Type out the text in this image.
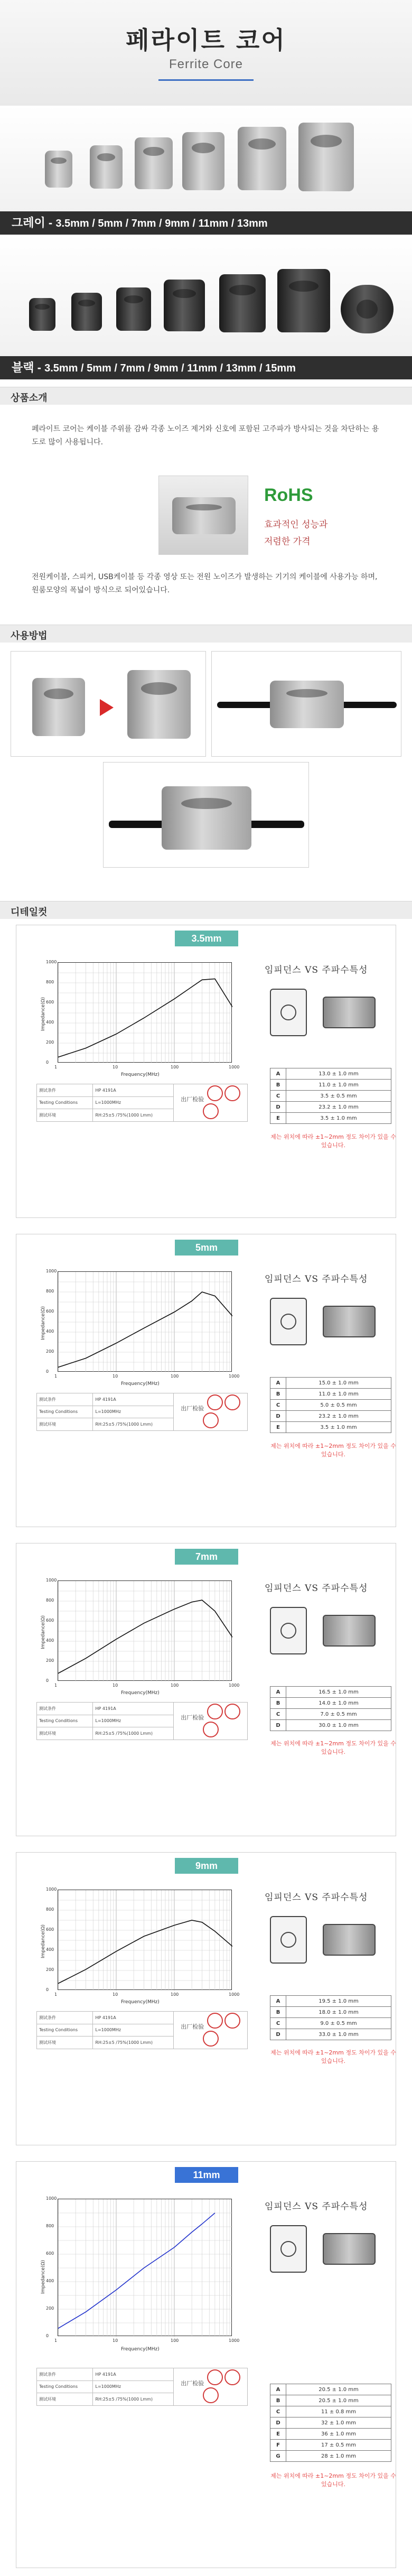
페라이트 코어
Ferrite Core
그레이 - 3.5mm / 5mm / 7mm / 9mm / 11mm / 13mm
블랙 - 3.5mm / 5mm / 7mm / 9mm / 11mm / 13mm / 15mm
상품소개
페라이트 코어는 케이블 주위를 감싸 각종 노이즈 제거와 신호에 포함된 고주파가 방사되는 것을 차단하는 용도로 많이 사용됩니다.
RoHS
효과적인 성능과
저렴한 가격
전원케이블, 스피커, USB케이블 등 각종 영상 또는 전원 노이즈가 발생하는 기기의 케이블에 사용가능 하며, 원룸모양의 폭넓이 방식으로 되어있습니다.
사용방법
디테일컷
3.5mm
Impedance(Ω)
Frequency(MHz)
测试条件	HP 4191A	出厂检验
Testing Conditions	L=1000MHz	
测试环境	RH:25±5 /75%(1000 Lmm)	
1000
800
600
400
200
0
1	10	100	1000
임피던스 VS 주파수특성
A	13.0 ± 1.0 mm
B	11.0 ± 1.0 mm
C	3.5 ± 0.5 mm
D	23.2 ± 1.0 mm
E	3.5 ± 1.0 mm
제는 위치에 따라 ±1~2mm 정도 차이가 있을 수 있습니다.
5mm
Impedance(Ω)
Frequency(MHz)
测试条件	HP 4191A	出厂检验
Testing Conditions	L=1000MHz	
测试环境	RH:25±5 /75%(1000 Lmm)	
1000
800
600
400
200
0
1	10	100	1000
임피던스 VS 주파수특성
A	15.0 ± 1.0 mm
B	11.0 ± 1.0 mm
C	5.0 ± 0.5 mm
D	23.2 ± 1.0 mm
E	3.5 ± 1.0 mm
제는 위치에 따라 ±1~2mm 정도 차이가 있을 수 있습니다.
7mm
Impedance(Ω)
Frequency(MHz)
测试条件	HP 4191A	出厂检验
Testing Conditions	L=1000MHz	
测试环境	RH:25±5 /75%(1000 Lmm)	
1000
800
600
400
200
0
1	10	100	1000
임피던스 VS 주파수특성
A	16.5 ± 1.0 mm
B	14.0 ± 1.0 mm
C	7.0 ± 0.5 mm
D	30.0 ± 1.0 mm
제는 위치에 따라 ±1~2mm 정도 차이가 있을 수 있습니다.
9mm
Impedance(Ω)
Frequency(MHz)
测试条件	HP 4191A	出厂检验
Testing Conditions	L=1000MHz	
测试环境	RH:25±5 /75%(1000 Lmm)	
1000
800
600
400
200
0
1	10	100	1000
임피던스 VS 주파수특성
A	19.5 ± 1.0 mm
B	18.0 ± 1.0 mm
C	9.0 ± 0.5 mm
D	33.0 ± 1.0 mm
제는 위치에 따라 ±1~2mm 정도 차이가 있을 수 있습니다.
11mm
Impedance(Ω)
Frequency(MHz)
测试条件	HP 4191A	出厂检验
Testing Conditions	L=1000MHz	
测试环境	RH:25±5 /75%(1000 Lmm)	
1000
800
600
400
200
0
1	10	100	1000
임피던스 VS 주파수특성
A	20.5 ± 1.0 mm
B	20.5 ± 1.0 mm
C	11 ± 0.8 mm
D	32 ± 1.0 mm
E	36 ± 1.0 mm
F	17 ± 0.5 mm
G	28 ± 1.0 mm
제는 위치에 따라 ±1~2mm 정도 차이가 있을 수 있습니다.
